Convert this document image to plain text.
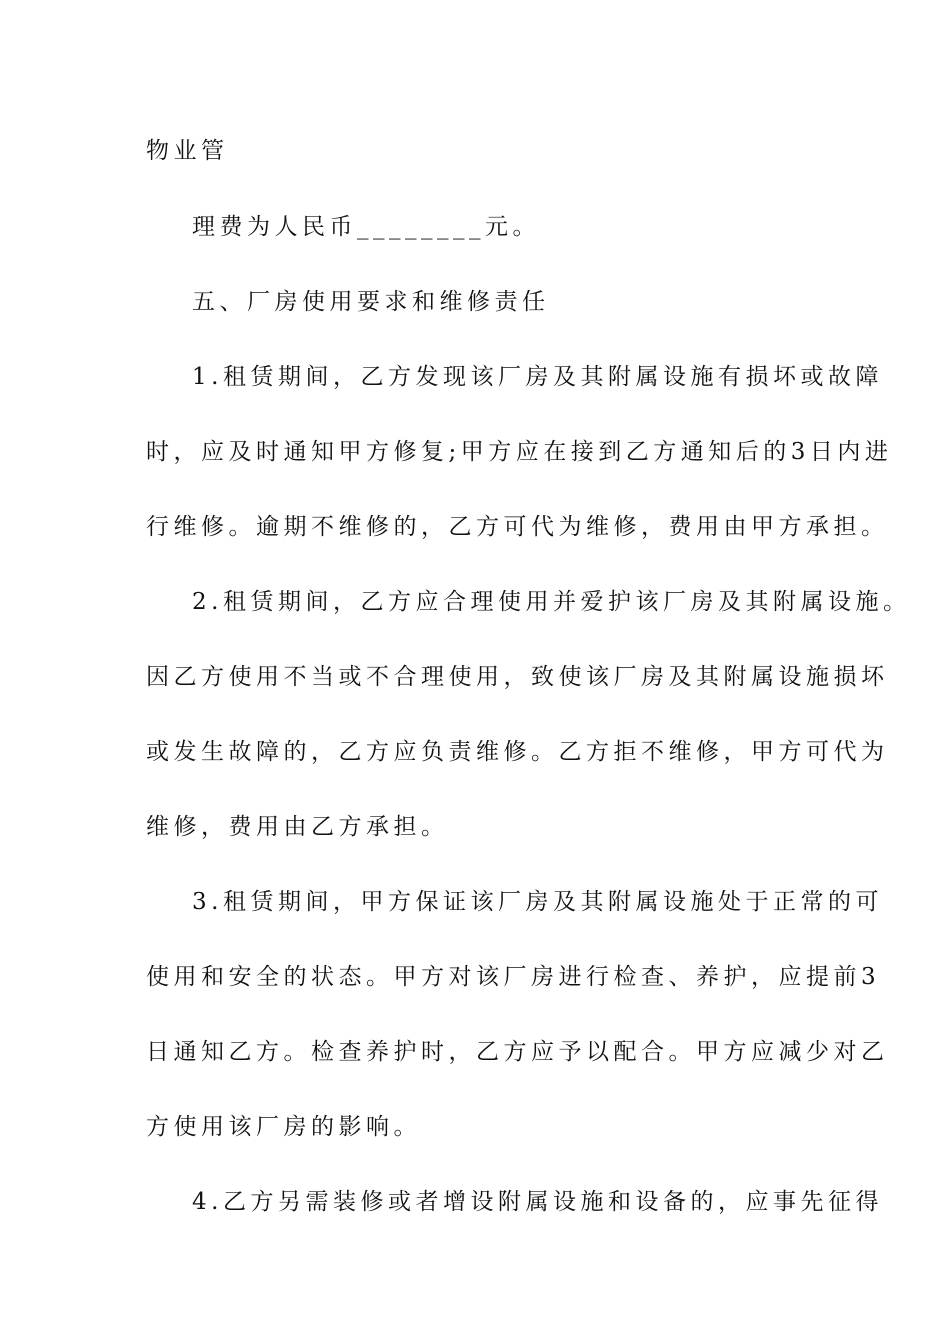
物业管
理费为人民币________元。
五、厂房使用要求和维修责任
1.租赁期间，乙方发现该厂房及其附属设施有损坏或故障
时，应及时通知甲方修复;甲方应在接到乙方通知后的3日内进
行维修。逾期不维修的，乙方可代为维修，费用由甲方承担。
2.租赁期间，乙方应合理使用并爱护该厂房及其附属设施。
因乙方使用不当或不合理使用，致使该厂房及其附属设施损坏
或发生故障的，乙方应负责维修。乙方拒不维修，甲方可代为
维修，费用由乙方承担。
3.租赁期间，甲方保证该厂房及其附属设施处于正常的可
使用和安全的状态。甲方对该厂房进行检查、养护，应提前3
日通知乙方。检查养护时，乙方应予以配合。甲方应减少对乙
方使用该厂房的影响。
4.乙方另需装修或者增设附属设施和设备的，应事先征得
